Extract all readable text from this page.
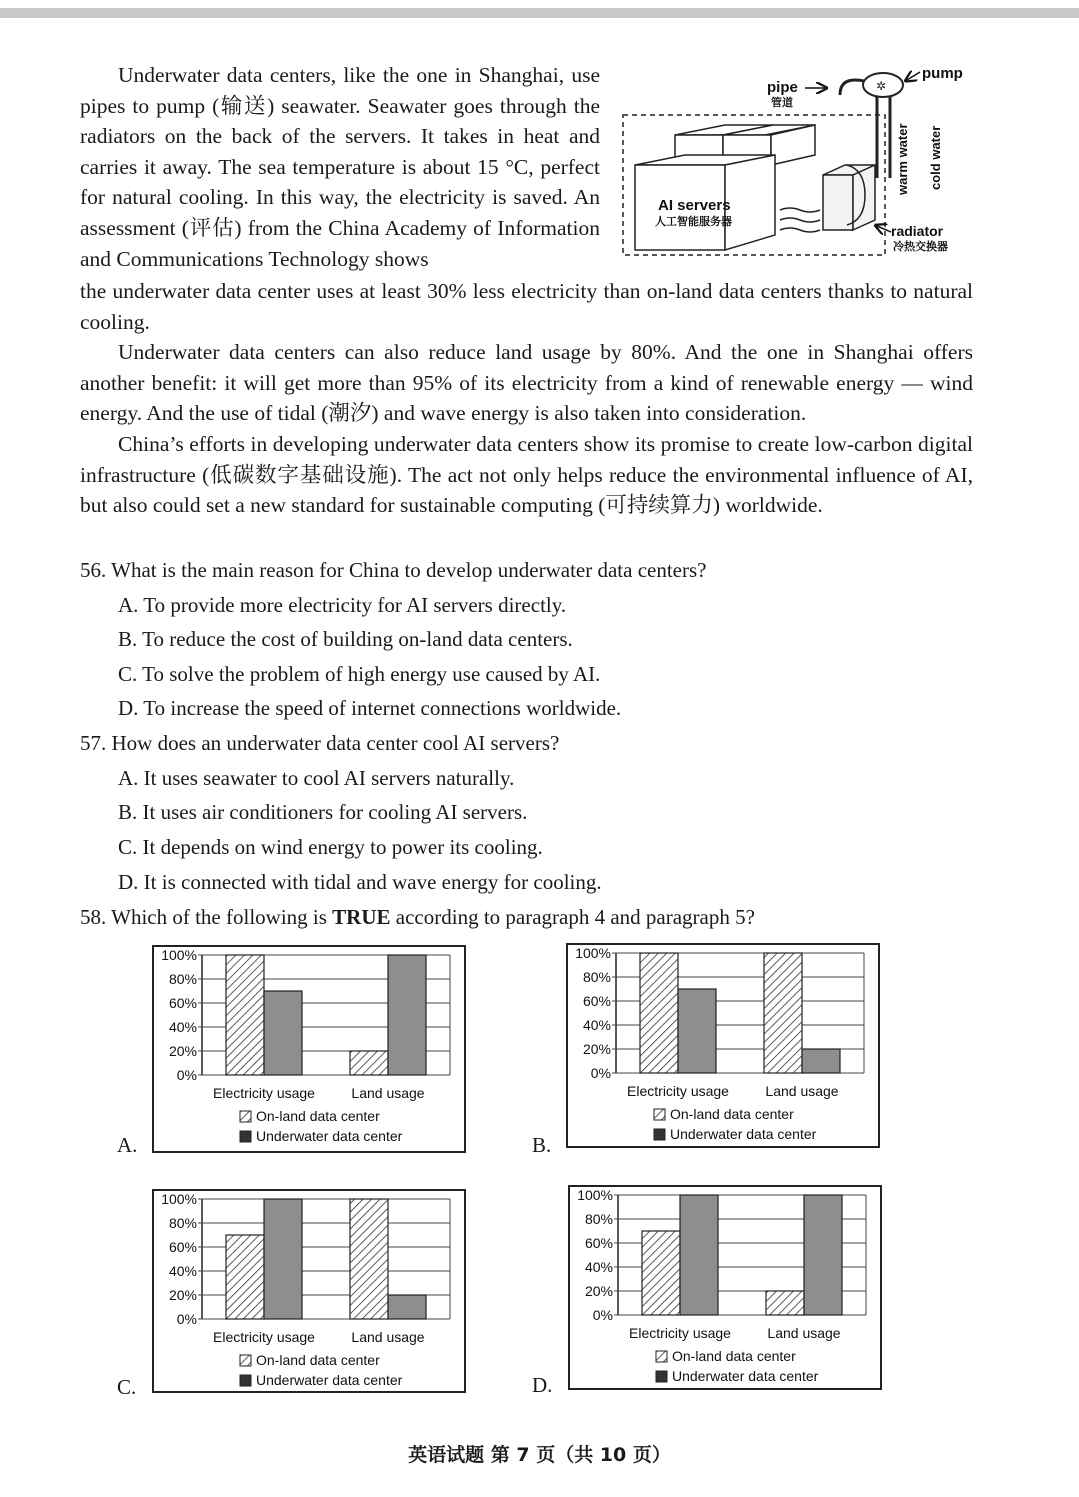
Underwater data centers, like the one in Shanghai, use pipes to pump (输送) seawater. Seawater goes through the radiators on the back of the servers. It takes in heat and carries it away. The sea temperature is about 15 °C, perfect for natural cooling. In this way, the electricity is saved. An assessment (评估) from the China Academy of Information and Communications Technology shows

the underwater data center uses at least 30% less electricity than on-land data centers thanks to natural cooling.

Underwater data centers can also reduce land usage by 80%. And the one in Shanghai offers another benefit: it will get more than 95% of its electricity from a kind of renewable energy — wind energy. And the use of tidal (潮汐) and wave energy is also taken into consideration.

China’s efforts in developing underwater data centers show its promise to create low-carbon digital infrastructure (低碳数字基础设施). The act not only helps reduce the environmental influence of AI, but also could set a new standard for sustainable computing (可持续算力) worldwide.

✲
pipe
管道
pump
warm water cold water
AI servers
人工智能服务器
radiator
冷热交换器

56. What is the main reason for China to develop underwater data centers?

A. To provide more electricity for AI servers directly.

B. To reduce the cost of building on-land data centers.

C. To solve the problem of high energy use caused by AI.

D. To increase the speed of internet connections worldwide.

57. How does an underwater data center cool AI servers?

A. It uses seawater to cool AI servers naturally.

B. It uses air conditioners for cooling AI servers.

C. It depends on wind energy to power its cooling.

D. It is connected with tidal and wave energy for cooling.

58. Which of the following is TRUE according to paragraph 4 and paragraph 5?

A.
100%
80%
60%
40%
20%
0%
Electricity usage	Land usage
On-land data center
Underwater data center	B.
100%
80%
60%
40%
20%
0%
Electricity usage	Land usage
On-land data center
Underwater data center
C.
100%
80%
60%
40%
20%
0%
Electricity usage	Land usage
On-land data center
Underwater data center	D.
100%
80%
60%
40%
20%
0%
Electricity usage	Land usage
On-land data center
Underwater data center
英语试题 第 7 页（共 10 页）
